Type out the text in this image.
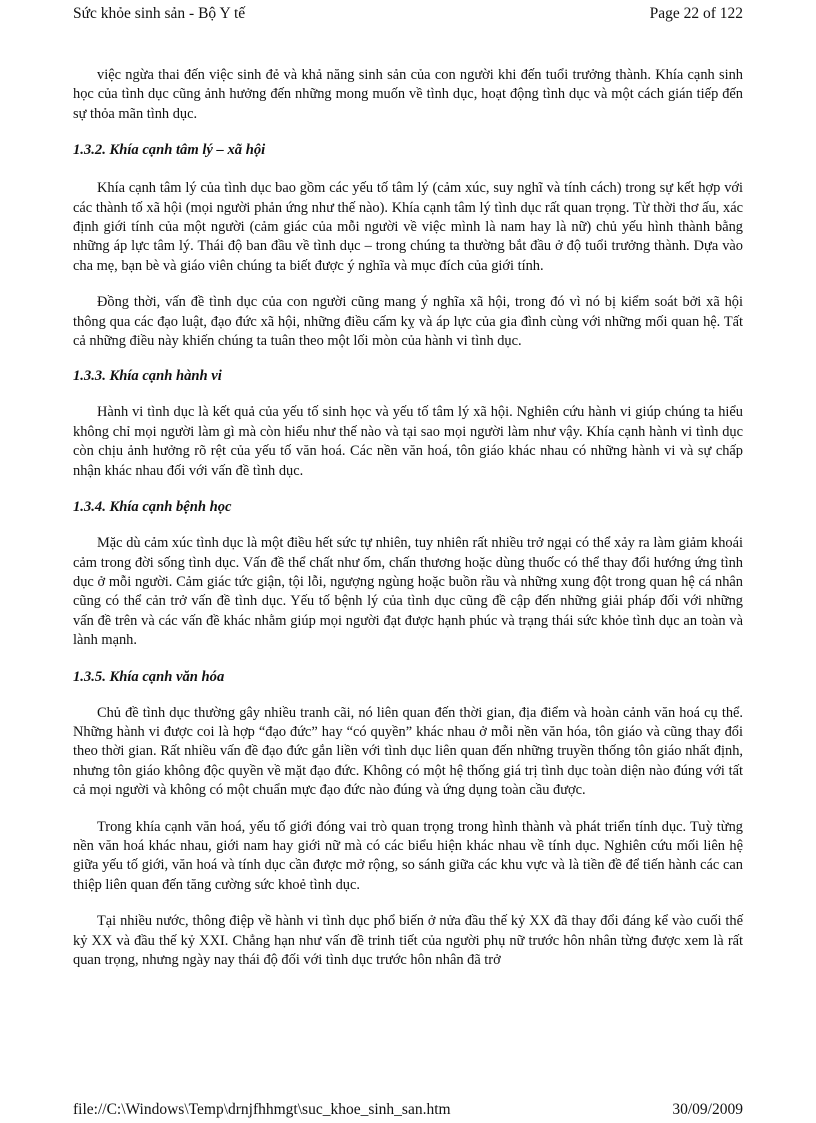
Sức khỏe sinh sản - Bộ Y tế	Page 22 of 122

việc ngừa thai đến việc sinh đẻ và khả năng sinh sản của con người khi đến tuổi trưởng thành. Khía cạnh sinh học của tình dục cũng ảnh hưởng đến những mong muốn về tình dục, hoạt động tình dục và một cách gián tiếp đến sự thỏa mãn tình dục.

1.3.2. Khía cạnh tâm lý – xã hội

Khía cạnh tâm lý của tình dục bao gồm các yếu tố tâm lý (cảm xúc, suy nghĩ và tính cách) trong sự kết hợp với các thành tố xã hội (mọi người phản ứng như thế nào). Khía cạnh tâm lý tình dục rất quan trọng. Từ thời thơ ấu, xác định giới tính của một người (cảm giác của mỗi người về việc mình là nam hay là nữ) chủ yếu hình thành bằng những áp lực tâm lý. Thái độ ban đầu về tình dục – trong chúng ta thường bắt đầu ở độ tuổi trưởng thành. Dựa vào cha mẹ, bạn bè và giáo viên chúng ta biết được ý nghĩa và mục đích của giới tính.

Đồng thời, vấn đề tình dục của con người cũng mang ý nghĩa xã hội, trong đó vì nó bị kiểm soát bởi xã hội thông qua các đạo luật, đạo đức xã hội, những điều cấm kỵ và áp lực của gia đình cùng với những mối quan hệ. Tất cả những điều này khiến chúng ta tuân theo một lối mòn của hành vi tình dục.

1.3.3. Khía cạnh hành vi

Hành vi tình dục là kết quả của yếu tố sinh học và yếu tố tâm lý xã hội. Nghiên cứu hành vi giúp chúng ta hiểu không chỉ mọi người làm gì mà còn hiểu như thế nào và tại sao mọi người làm như vậy. Khía cạnh hành vi tình dục còn chịu ảnh hưởng rõ rệt của yếu tố văn hoá. Các nền văn hoá, tôn giáo khác nhau có những hành vi và sự chấp nhận khác nhau đối với vấn đề tình dục.

1.3.4. Khía cạnh bệnh học

Mặc dù cảm xúc tình dục là một điều hết sức tự nhiên, tuy nhiên rất nhiều trở ngại có thể xảy ra làm giảm khoái cảm trong đời sống tình dục. Vấn đề thể chất như ốm, chấn thương hoặc dùng thuốc có thể thay đổi hướng ứng tình dục ở mỗi người. Cảm giác tức giận, tội lỗi, ngượng ngùng hoặc buồn rầu và những xung đột trong quan hệ cá nhân cũng có thể cản trở vấn đề tình dục. Yếu tố bệnh lý của tình dục cũng đề cập đến những giải pháp đối với những vấn đề trên và các vấn đề khác nhằm giúp mọi người đạt được hạnh phúc và trạng thái sức khỏe tình dục an toàn và lành mạnh.

1.3.5. Khía cạnh văn hóa

Chủ đề tình dục thường gây nhiều tranh cãi, nó liên quan đến thời gian, địa điểm và hoàn cảnh văn hoá cụ thể. Những hành vi được coi là hợp “đạo đức” hay “có quyền” khác nhau ở mỗi nền văn hóa, tôn giáo và cũng thay đổi theo thời gian. Rất nhiều vấn đề đạo đức gắn liền với tình dục liên quan đến những truyền thống tôn giáo nhất định, nhưng tôn giáo không độc quyền về mặt đạo đức. Không có một hệ thống giá trị tình dục toàn diện nào đúng với tất cả mọi người và không có một chuẩn mực đạo đức nào đúng và ứng dụng toàn cầu được.

Trong khía cạnh văn hoá, yếu tố giới đóng vai trò quan trọng trong hình thành và phát triển tính dục. Tuỳ từng nền văn hoá khác nhau, giới nam hay giới nữ mà có các biểu hiện khác nhau về tính dục. Nghiên cứu mối liên hệ giữa yếu tố giới, văn hoá và tính dục cần được mở rộng, so sánh giữa các khu vực và là tiền đề để tiến hành các can thiệp liên quan đến tăng cường sức khoẻ tình dục.

Tại nhiều nước, thông điệp về hành vi tình dục phổ biến ở nửa đầu thế kỷ XX đã thay đổi đáng kể vào cuối thế kỷ XX và đầu thế kỷ XXI. Chẳng hạn như vấn đề trinh tiết của người phụ nữ trước hôn nhân từng được xem là rất quan trọng, nhưng ngày nay thái độ đối với tình dục trước hôn nhân đã trở

file://C:\Windows\Temp\drnjfhhmgt\suc_khoe_sinh_san.htm	30/09/2009
